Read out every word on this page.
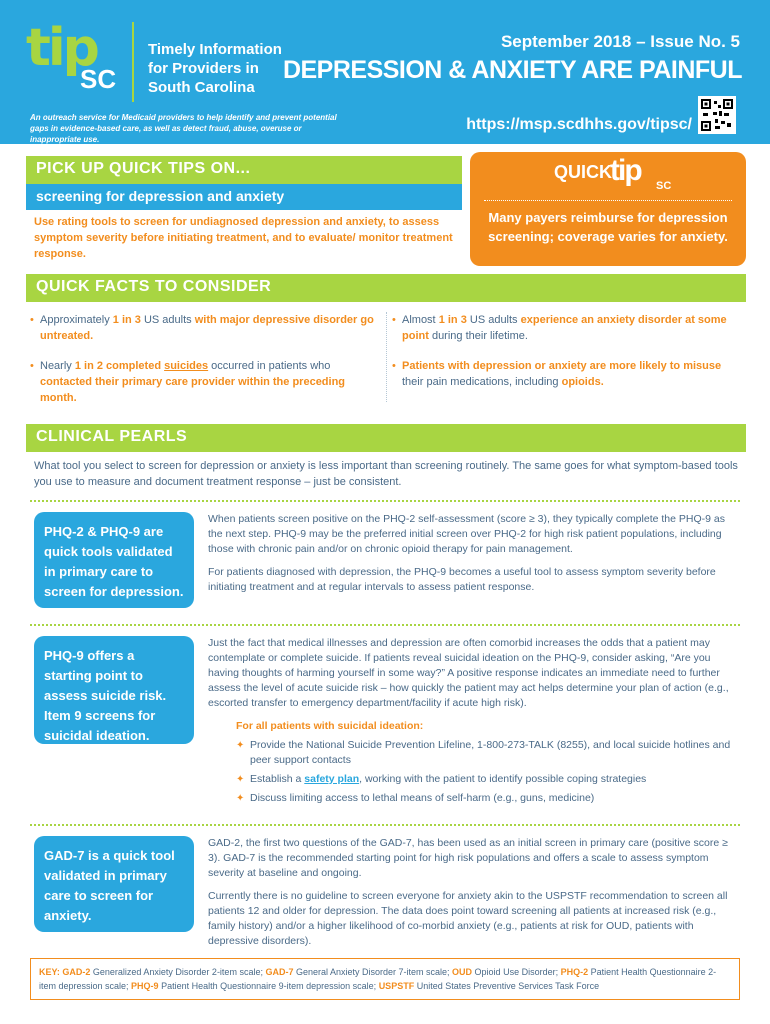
tip
SC
Timely Information for Providers in South Carolina
September 2018 – Issue No. 5
DEPRESSION & ANXIETY ARE PAINFUL
An outreach service for Medicaid providers to help identify and prevent potential gaps in evidence-based care, as well as detect fraud, abuse, overuse or inappropriate use.
https://msp.scdhhs.gov/tipsc/
PICK UP QUICK TIPS ON...
screening for depression and anxiety
Use rating tools to screen for undiagnosed depression and anxiety, to assess symptom severity before initiating treatment, and to evaluate/ monitor treatment response.
QUICK
tip SC
Many payers reimburse for depression screening; coverage varies for anxiety.
QUICK FACTS TO CONSIDER
• Approximately 1 in 3 US adults with major depressive disorder go untreated.
• Almost 1 in 3 US adults experience an anxiety disorder at some point during their lifetime.
• Nearly 1 in 2 completed suicides occurred in patients who contacted their primary care provider within the preceding month.
• Patients with depression or anxiety are more likely to misuse their pain medications, including opioids.
CLINICAL PEARLS
What tool you select to screen for depression or anxiety is less important than screening routinely. The same goes for what symptom-based tools you use to measure and document treatment response – just be consistent.
PHQ-2 & PHQ-9 are quick tools validated in primary care to screen for depression.

When patients screen positive on the PHQ-2 self-assessment (score ≥ 3), they typically complete the PHQ-9 as the next step. PHQ-9 may be the preferred initial screen over PHQ-2 for high risk patient populations, including those with chronic pain and/or on chronic opioid therapy for pain management.

For patients diagnosed with depression, the PHQ-9 becomes a useful tool to assess symptom severity before initiating treatment and at regular intervals to assess patient response.

PHQ-9 offers a starting point to assess suicide risk. Item 9 screens for suicidal ideation.

Just the fact that medical illnesses and depression are often comorbid increases the odds that a patient may contemplate or complete suicide. If patients reveal suicidal ideation on the PHQ-9, consider asking, “Are you having thoughts of harming yourself in some way?” A positive response indicates an immediate need to further assess the level of acute suicide risk – how quickly the patient may act helps determine your plan of action (e.g., escorted transfer to emergency department/facility if acute high risk).

For all patients with suicidal ideation:
✦ Provide the National Suicide Prevention Lifeline, 1-800-273-TALK (8255), and local suicide hotlines and peer support contacts
✦ Establish a safety plan, working with the patient to identify possible coping strategies
✦ Discuss limiting access to lethal means of self-harm (e.g., guns, medicine)
GAD-7 is a quick tool validated in primary care to screen for anxiety.

GAD-2, the first two questions of the GAD-7, has been used as an initial screen in primary care (positive score ≥ 3). GAD-7 is the recommended starting point for high risk populations and offers a scale to assess symptom severity at baseline and ongoing.

Currently there is no guideline to screen everyone for anxiety akin to the USPSTF recommendation to screen all patients 12 and older for depression. The data does point toward screening all patients at increased risk (e.g., family history) and/or a higher likelihood of co-morbid anxiety (e.g., patients at risk for OUD, patients with depressive disorders).

KEY: GAD-2 Generalized Anxiety Disorder 2-item scale; GAD-7 General Anxiety Disorder 7-item scale; OUD Opioid Use Disorder; PHQ-2 Patient Health Questionnaire 2-item depression scale; PHQ-9 Patient Health Questionnaire 9-item depression scale; USPSTF United States Preventive Services Task Force
